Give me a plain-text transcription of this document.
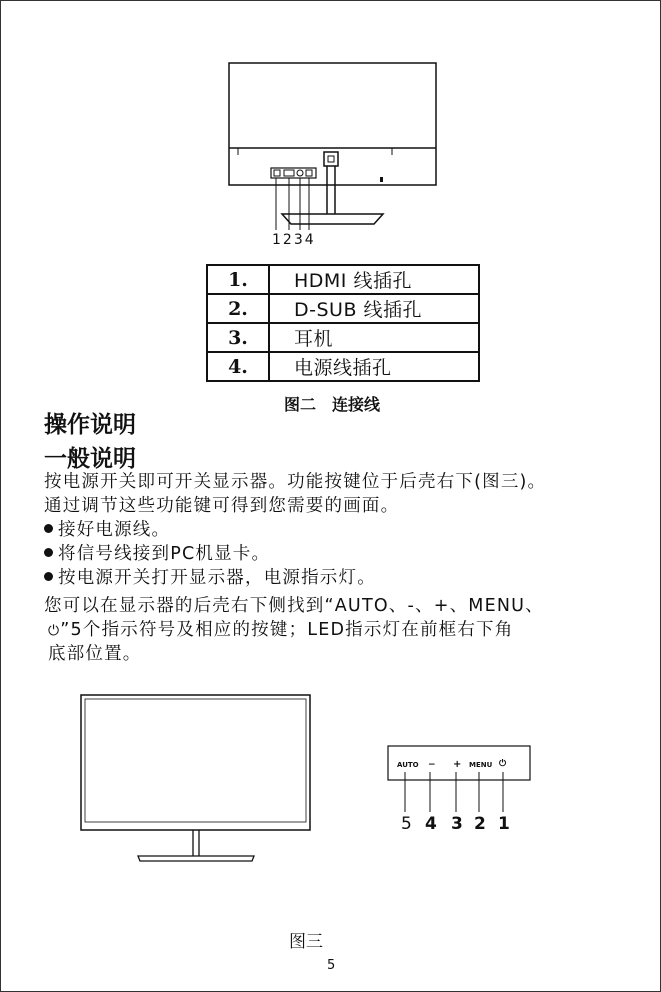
1234
1.	HDMI 线插孔
2.	D-SUB 线插孔
3.	耳机
4.	电源线插孔
图二　连接线
操作说明
一般说明
按电源开关即可开关显示器。功能按键位于后壳右下(图三)。
通过调节这些功能键可得到您需要的画面。
接好电源线。
将信号线接到PC机显卡。
按电源开关打开显示器，电源指示灯。
您可以在显示器的后壳右下侧找到“AUTO、-、+、MENU、
⏻”5个指示符号及相应的按键；LED指示灯在前框右下角
底部位置。
AUTO − + MENU ⏻
5 4 3 2 1
图三
5
